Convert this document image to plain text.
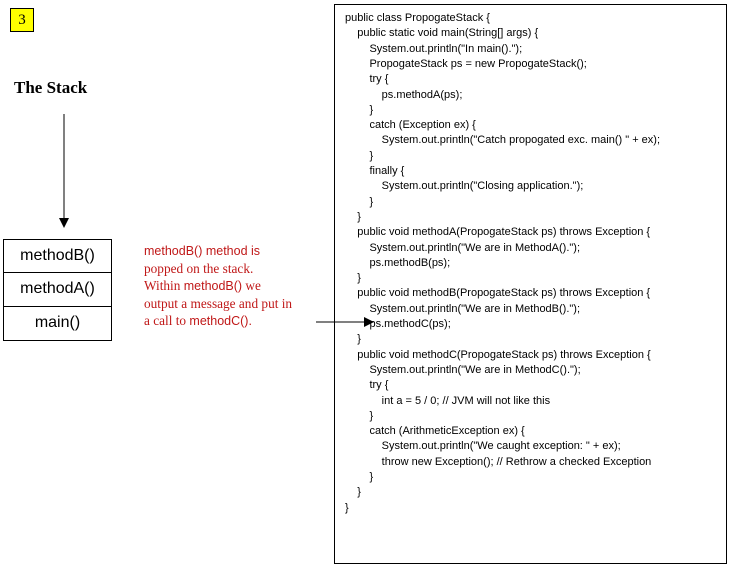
3
The Stack
methodB()
methodA()
main()
methodB() method is
popped on the stack.
Within methodB() we
output a message and put in
a call to methodC().
public class PropogateStack {
public static void main(String[] args) {
System.out.println("In main().");
PropogateStack ps = new PropogateStack();
try {
ps.methodA(ps);
}
catch (Exception ex) {
System.out.println("Catch propogated exc. main() " + ex);
}
finally {
System.out.println("Closing application.");
}
}
public void methodA(PropogateStack ps) throws Exception {
System.out.println("We are in MethodA().");
ps.methodB(ps);
}
public void methodB(PropogateStack ps) throws Exception {
System.out.println("We are in MethodB().");
ps.methodC(ps);
}
public void methodC(PropogateStack ps) throws Exception {
System.out.println("We are in MethodC().");
try {
int a = 5 / 0; // JVM will not like this
}
catch (ArithmeticException ex) {
System.out.println("We caught exception: " + ex);
throw new Exception(); // Rethrow a checked Exception
}
}
}
